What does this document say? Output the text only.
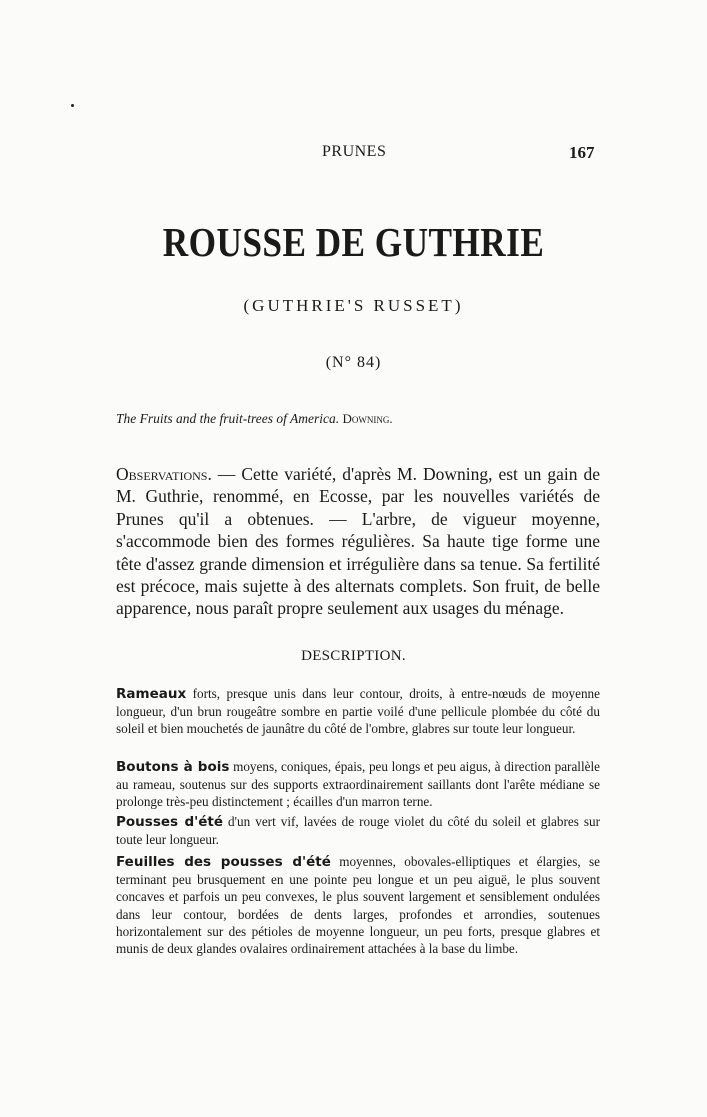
PRUNES	167
ROUSSE DE GUTHRIE
(GUTHRIE'S RUSSET)
(N° 84)
The Fruits and the fruit-trees of America. Downing.
Observations. — Cette variété, d'après M. Downing, est un gain de M. Guthrie, renommé, en Ecosse, par les nouvelles variétés de Prunes qu'il a obtenues. — L'arbre, de vigueur moyenne, s'accommode bien des formes régulières. Sa haute tige forme une tête d'assez grande dimension et irrégulière dans sa tenue. Sa fertilité est précoce, mais sujette à des alternats complets. Son fruit, de belle apparence, nous paraît propre seulement aux usages du ménage.
DESCRIPTION.
Rameaux forts, presque unis dans leur contour, droits, à entre-nœuds de moyenne longueur, d'un brun rougeâtre sombre en partie voilé d'une pellicule plombée du côté du soleil et bien mouchetés de jaunâtre du côté de l'ombre, glabres sur toute leur longueur.
Boutons à bois moyens, coniques, épais, peu longs et peu aigus, à direction parallèle au rameau, soutenus sur des supports extraordinairement saillants dont l'arête médiane se prolonge très-peu distinctement ; écailles d'un marron terne.
Pousses d'été d'un vert vif, lavées de rouge violet du côté du soleil et glabres sur toute leur longueur.
Feuilles des pousses d'été moyennes, obovales-elliptiques et élargies, se terminant peu brusquement en une pointe peu longue et un peu aiguë, le plus souvent concaves et parfois un peu convexes, le plus souvent largement et sensiblement ondulées dans leur contour, bordées de dents larges, profondes et arrondies, soutenues horizontalement sur des pétioles de moyenne longueur, un peu forts, presque glabres et munis de deux glandes ovalaires ordinairement attachées à la base du limbe.
